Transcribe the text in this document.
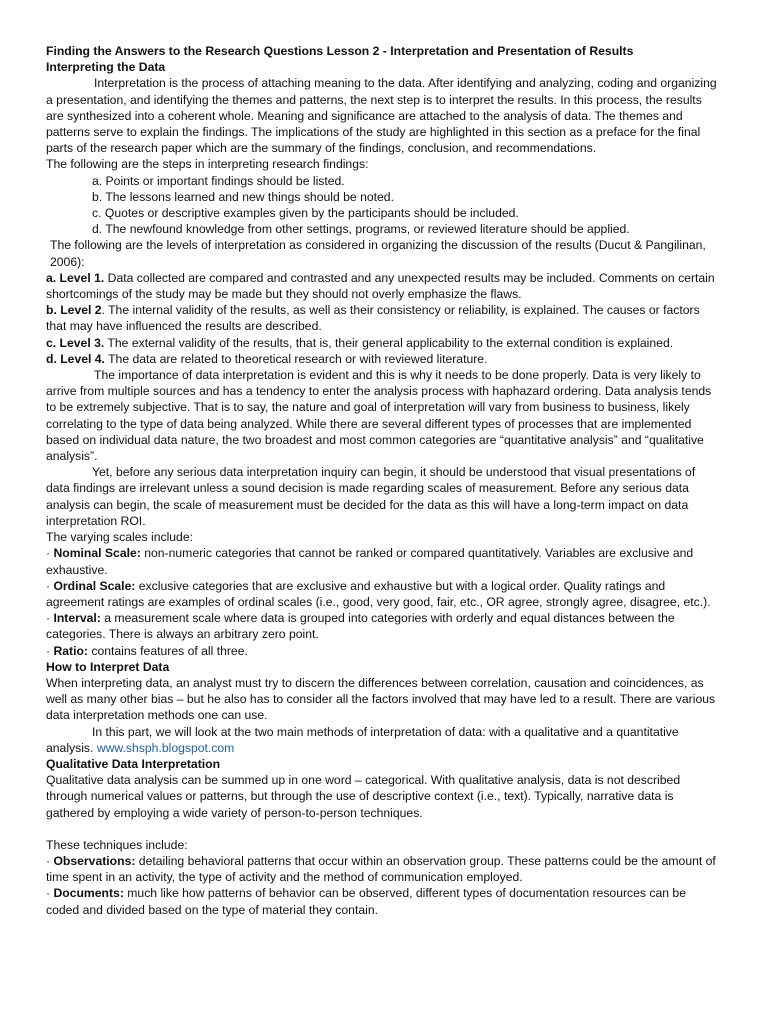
Finding the Answers to the Research Questions Lesson 2 - Interpretation and Presentation of Results
Interpreting the Data

Interpretation is the process of attaching meaning to the data. After identifying and analyzing, coding and organizing a presentation, and identifying the themes and patterns, the next step is to interpret the results. In this process, the results are synthesized into a coherent whole. Meaning and significance are attached to the analysis of data. The themes and patterns serve to explain the findings. The implications of the study are highlighted in this section as a preface for the final parts of the research paper which are the summary of the findings, conclusion, and recommendations.

The following are the steps in interpreting research findings:

a. Points or important findings should be listed.
b. The lessons learned and new things should be noted.
c. Quotes or descriptive examples given by the participants should be included.
d. The newfound knowledge from other settings, programs, or reviewed literature should be applied.

The following are the levels of interpretation as considered in organizing the discussion of the results (Ducut & Pangilinan, 2006):

a. Level 1. Data collected are compared and contrasted and any unexpected results may be included. Comments on certain shortcomings of the study may be made but they should not overly emphasize the flaws.
b. Level 2. The internal validity of the results, as well as their consistency or reliability, is explained. The causes or factors that may have influenced the results are described.
c. Level 3. The external validity of the results, that is, their general applicability to the external condition is explained.
d. Level 4. The data are related to theoretical research or with reviewed literature.

The importance of data interpretation is evident and this is why it needs to be done properly. Data is very likely to arrive from multiple sources and has a tendency to enter the analysis process with haphazard ordering. Data analysis tends to be extremely subjective. That is to say, the nature and goal of interpretation will vary from business to business, likely correlating to the type of data being analyzed. While there are several different types of processes that are implemented based on individual data nature, the two broadest and most common categories are “quantitative analysis” and “qualitative analysis”.

Yet, before any serious data interpretation inquiry can begin, it should be understood that visual presentations of data findings are irrelevant unless a sound decision is made regarding scales of measurement. Before any serious data analysis can begin, the scale of measurement must be decided for the data as this will have a long-term impact on data interpretation ROI.

The varying scales include:

· Nominal Scale: non-numeric categories that cannot be ranked or compared quantitatively. Variables are exclusive and exhaustive.
· Ordinal Scale: exclusive categories that are exclusive and exhaustive but with a logical order. Quality ratings and agreement ratings are examples of ordinal scales (i.e., good, very good, fair, etc., OR agree, strongly agree, disagree, etc.).
· Interval: a measurement scale where data is grouped into categories with orderly and equal distances between the categories. There is always an arbitrary zero point.
· Ratio: contains features of all three.
How to Interpret Data

When interpreting data, an analyst must try to discern the differences between correlation, causation and coincidences, as well as many other bias – but he also has to consider all the factors involved that may have led to a result. There are various data interpretation methods one can use.

In this part, we will look at the two main methods of interpretation of data: with a qualitative and a quantitative analysis. www.shsph.blogspot.com

Qualitative Data Interpretation

Qualitative data analysis can be summed up in one word – categorical. With qualitative analysis, data is not described through numerical values or patterns, but through the use of descriptive context (i.e., text). Typically, narrative data is gathered by employing a wide variety of person-to-person techniques.

These techniques include:

· Observations: detailing behavioral patterns that occur within an observation group. These patterns could be the amount of time spent in an activity, the type of activity and the method of communication employed.
· Documents: much like how patterns of behavior can be observed, different types of documentation resources can be coded and divided based on the type of material they contain.
